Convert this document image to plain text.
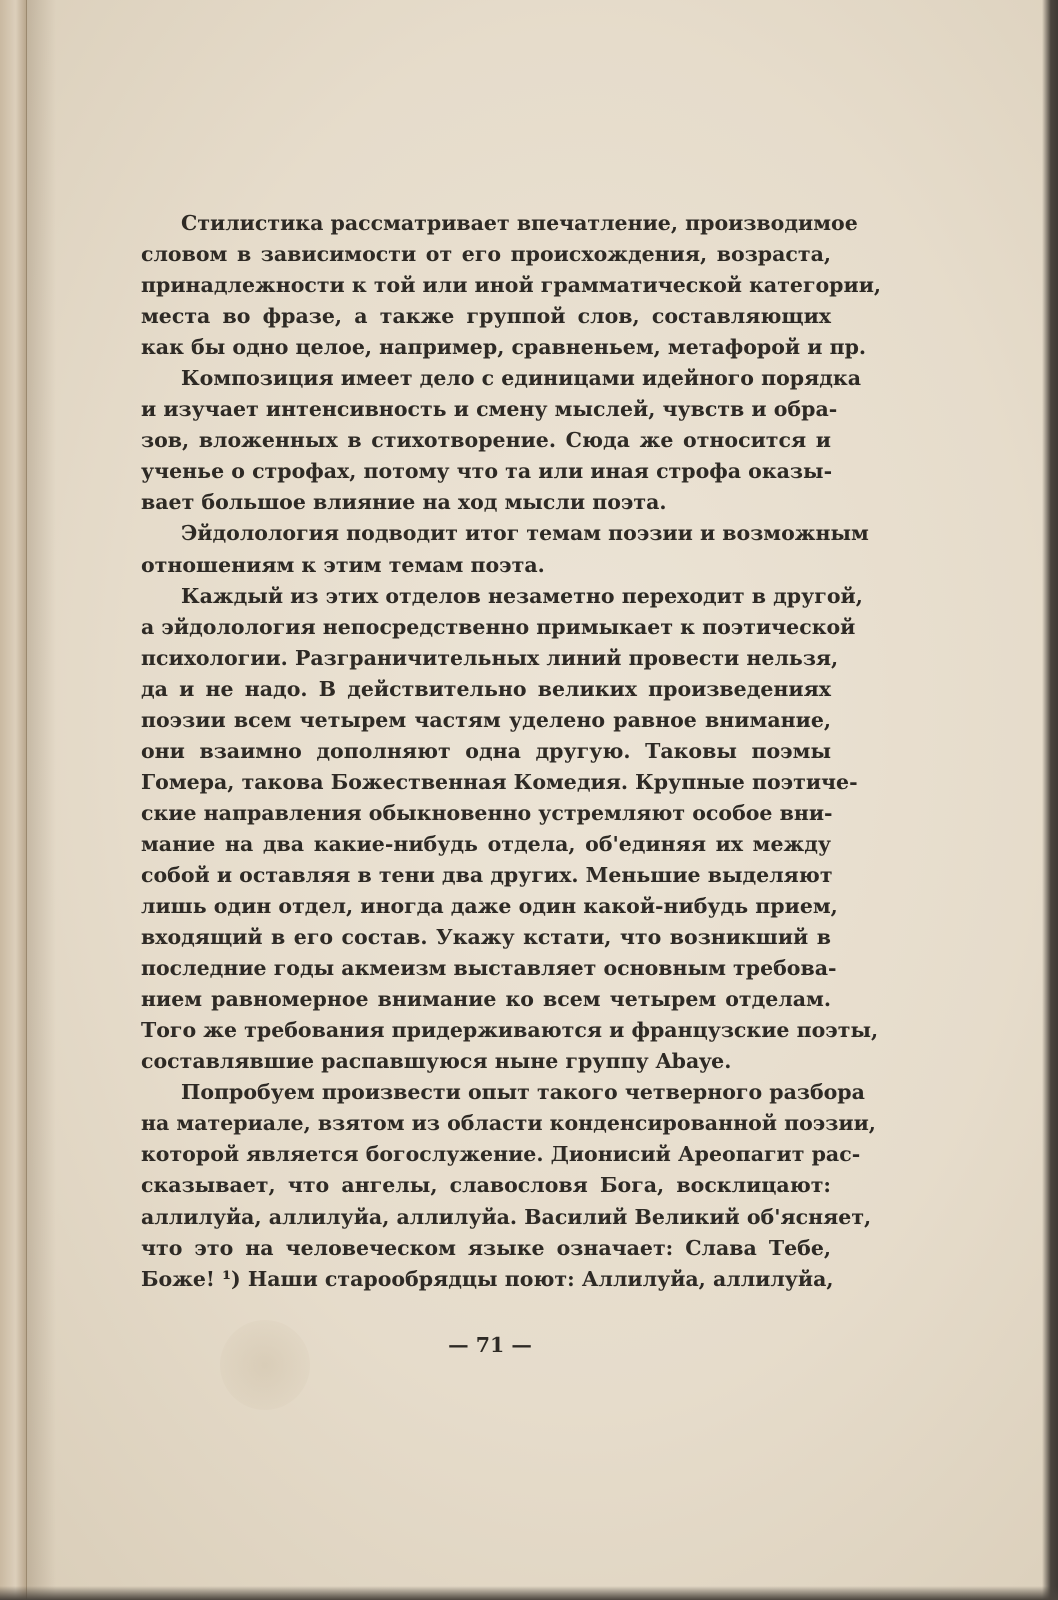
Стилистика рассматривает впечатление, производимое
словом в зависимости от его происхождения, возраста,
принадлежности к той или иной грамматической категории,
места во фразе, а также группой слов, составляющих
как бы одно целое, например, сравненьем, метафорой и пр.
Композиция имеет дело с единицами идейного порядка
и изучает интенсивность и смену мыслей, чувств и обра-
зов, вложенных в стихотворение. Сюда же относится и
ученье о строфах, потому что та или иная строфа оказы-
вает большое влияние на ход мысли поэта.
Эйдолология подводит итог темам поэзии и возможным
отношениям к этим темам поэта.
Каждый из этих отделов незаметно переходит в другой,
а эйдолология непосредственно примыкает к поэтической
психологии. Разграничительных линий провести нельзя,
да и не надо. В действительно великих произведениях
поэзии всем четырем частям уделено равное внимание,
они взаимно дополняют одна другую. Таковы поэмы
Гомера, такова Божественная Комедия. Крупные поэтиче-
ские направления обыкновенно устремляют особое вни-
мание на два какие-нибудь отдела, об'единяя их между
собой и оставляя в тени два других. Меньшие выделяют
лишь один отдел, иногда даже один какой-нибудь прием,
входящий в его состав. Укажу кстати, что возникший в
последние годы акмеизм выставляет основным требова-
нием равномерное внимание ко всем четырем отделам.
Того же требования придерживаются и французские поэты,
составлявшие распавшуюся ныне группу Abaye.
Попробуем произвести опыт такого четверного разбора
на материале, взятом из области конденсированной поэзии,
которой является богослужение. Дионисий Ареопагит рас-
сказывает, что ангелы, славословя Бога, восклицают:
аллилуйа, аллилуйа, аллилуйа. Василий Великий об'ясняет,
что это на человеческом языке означает: Слава Тебе,
Боже! ¹) Наши старообрядцы поют: Аллилуйа, аллилуйа,
— 71 —
